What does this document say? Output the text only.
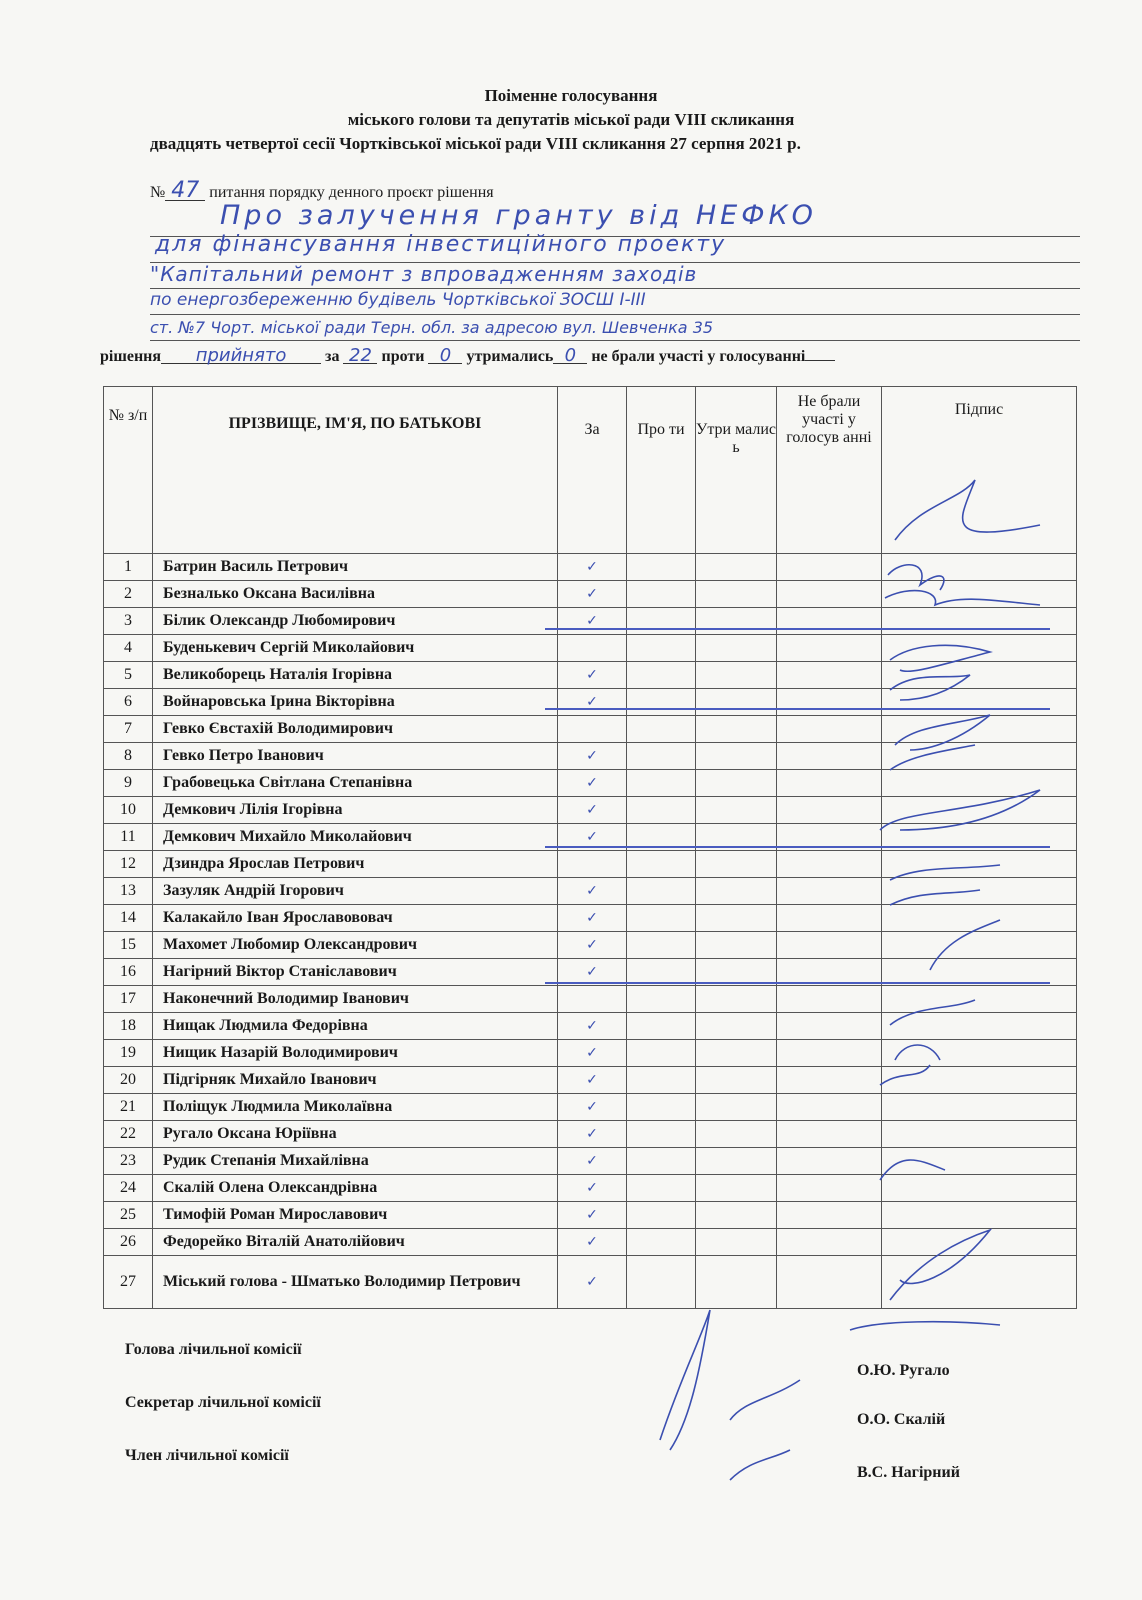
Поіменне голосування
міського голови та депутатів міської ради VIII скликання
двадцять четвертої сесії Чортківської міської ради VIII скликання 27 серпня 2021 р.
№ 47 питання порядку денного проєкт рішення
Про залучення гранту від НЕФКО
для фінансування інвестиційного проекту
"Капітальний ремонт з впровадженням заходів
по енергозбереженню будівель Чортківської ЗОСШ І-ІІІ
ст. №7 Чорт. міської ради Терн. обл. за адресою вул. Шевченка 35
рішення прийнято за 22 проти 0 утримались 0 не брали участі у голосуванні
№ з/п	ПРІЗВИЩЕ, ІМ'Я, ПО БАТЬКОВІ	За	Про ти	Утри малис ь	Не брали участі у голосув анні	Підпис
1	Батрин Василь Петрович	✓				
2	Безналько Оксана Василівна	✓				
3	Білик Олександр Любомирович	✓				
4	Буденькевич Сергій Миколайович					
5	Великоборець Наталія Ігорівна	✓				
6	Войнаровська Ірина Вікторівна	✓				
7	Гевко Євстахій Володимирович					
8	Гевко Петро Іванович	✓				
9	Грабовецька Світлана Степанівна	✓				
10	Демкович Лілія Ігорівна	✓				
11	Демкович Михайло Миколайович	✓				
12	Дзиндра Ярослав Петрович					
13	Зазуляк Андрій Ігорович	✓				
14	Калакайло Іван Ярославововач	✓				
15	Махомет Любомир Олександрович	✓				
16	Нагірний Віктор Станіславович	✓				
17	Наконечний Володимир Іванович					
18	Нищак Людмила Федорівна	✓				
19	Нищик Назарій Володимирович	✓				
20	Підгірняк Михайло Іванович	✓				
21	Поліщук Людмила Миколаївна	✓				
22	Ругало Оксана Юріївна	✓				
23	Рудик Степанія Михайлівна	✓				
24	Скалій Олена Олександрівна	✓				
25	Тимофій Роман Мирославович	✓				
26	Федорейко Віталій Анатолійович	✓				
27	Міський голова - Шматько Володимир Петрович	✓				
Голова лічильної комісії
О.Ю. Ругало
Секретар лічильної комісії
О.О. Скалій
Член лічильної комісії
В.С. Нагірний
